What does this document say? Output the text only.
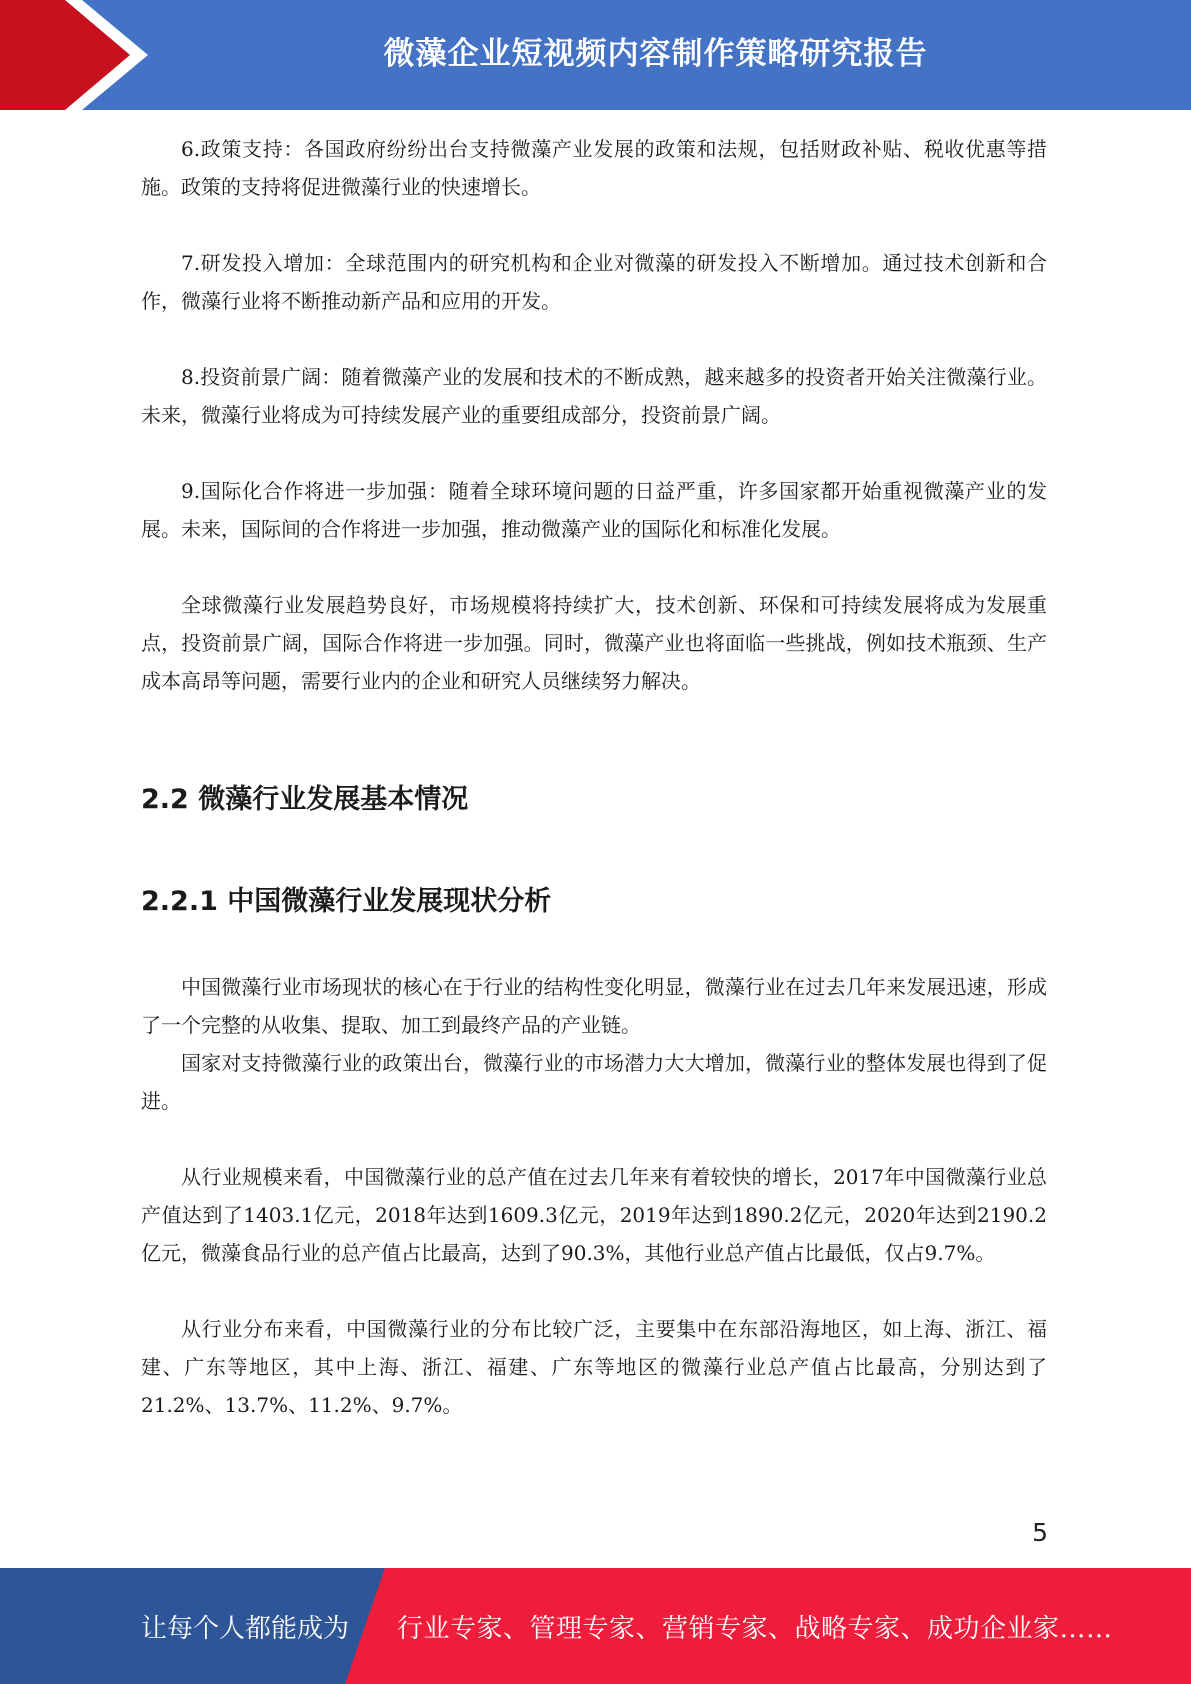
微藻企业短视频内容制作策略研究报告

6.政策支持：各国政府纷纷出台支持微藻产业发展的政策和法规，包括财政补贴、税收优惠等措施。政策的支持将促进微藻行业的快速增长。

7.研发投入增加：全球范围内的研究机构和企业对微藻的研发投入不断增加。通过技术创新和合作，微藻行业将不断推动新产品和应用的开发。

8.投资前景广阔：随着微藻产业的发展和技术的不断成熟，越来越多的投资者开始关注微藻行业。未来，微藻行业将成为可持续发展产业的重要组成部分，投资前景广阔。

9.国际化合作将进一步加强：随着全球环境问题的日益严重，许多国家都开始重视微藻产业的发展。未来，国际间的合作将进一步加强，推动微藻产业的国际化和标准化发展。

全球微藻行业发展趋势良好，市场规模将持续扩大，技术创新、环保和可持续发展将成为发展重点，投资前景广阔，国际合作将进一步加强。同时，微藻产业也将面临一些挑战，例如技术瓶颈、生产成本高昂等问题，需要行业内的企业和研究人员继续努力解决。

2.2 微藻行业发展基本情况
2.2.1 中国微藻行业发展现状分析

中国微藻行业市场现状的核心在于行业的结构性变化明显，微藻行业在过去几年来发展迅速，形成了一个完整的从收集、提取、加工到最终产品的产业链。

国家对支持微藻行业的政策出台，微藻行业的市场潜力大大增加，微藻行业的整体发展也得到了促进。

从行业规模来看，中国微藻行业的总产值在过去几年来有着较快的增长，2017年中国微藻行业总产值达到了1403.1亿元，2018年达到1609.3亿元，2019年达到1890.2亿元，2020年达到2190.2亿元，微藻食品行业的总产值占比最高，达到了90.3%，其他行业总产值占比最低，仅占9.7%。

从行业分布来看，中国微藻行业的分布比较广泛，主要集中在东部沿海地区，如上海、浙江、福建、广东等地区，其中上海、浙江、福建、广东等地区的微藻行业总产值占比最高，分别达到了21.2%、13.7%、11.2%、9.7%。

5
让每个人都能成为 行业专家、管理专家、营销专家、战略专家、成功企业家……
